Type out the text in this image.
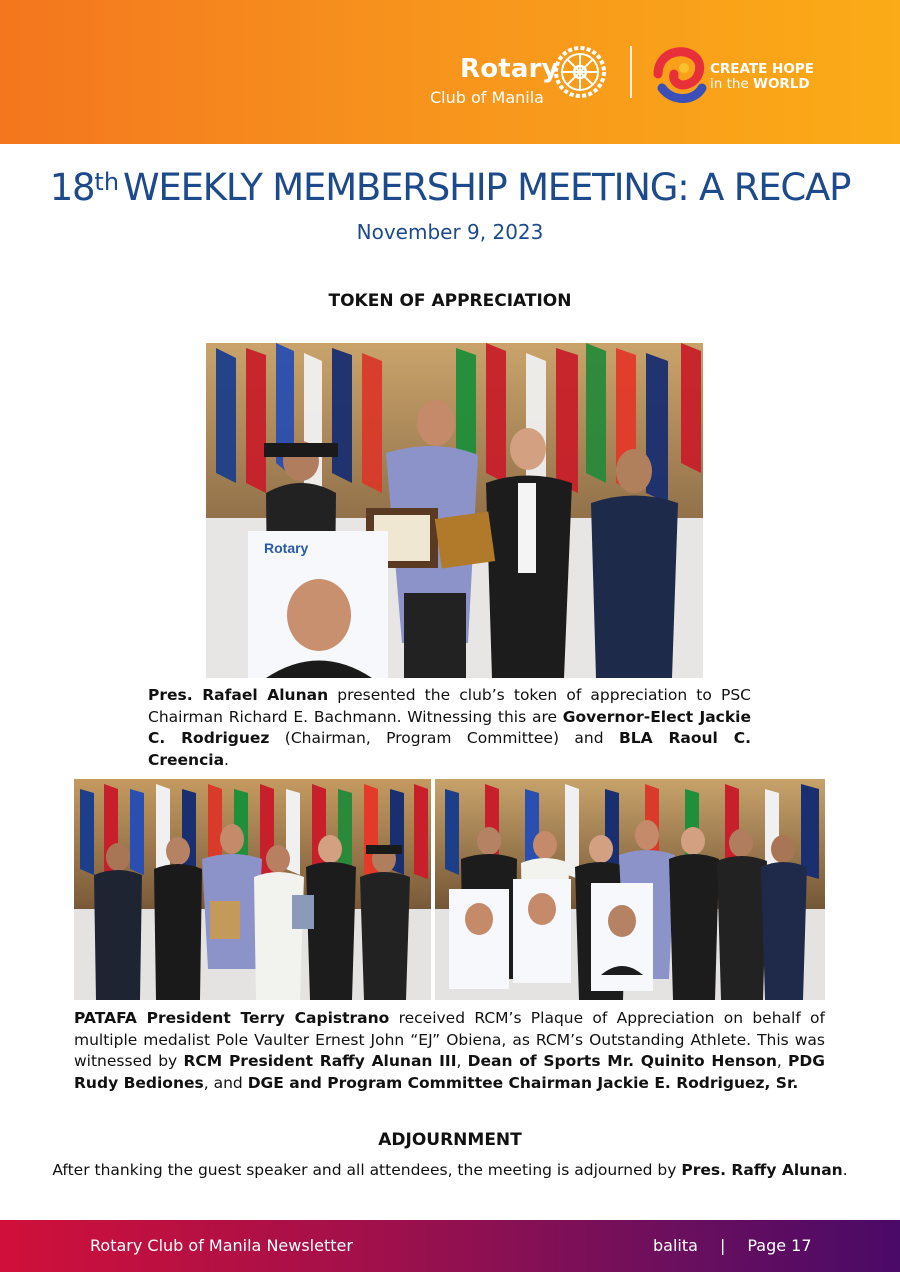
Rotary
Club of Manila
CREATE HOPE
in the WORLD
18th WEEKLY MEMBERSHIP MEETING: A RECAP
November 9, 2023
TOKEN OF APPRECIATION
Rotary
Pres. Rafael Alunan presented the club’s token of appreciation to PSC Chairman Richard E. Bachmann. Witnessing this are Governor-Elect Jackie C. Rodriguez (Chairman, Program Committee) and BLA Raoul C. Creencia.
PATAFA President Terry Capistrano received RCM’s Plaque of Appreciation on behalf of multiple medalist Pole Vaulter Ernest John “EJ” Obiena, as RCM’s Outstanding Athlete. This was witnessed by RCM President Raffy Alunan III, Dean of Sports Mr. Quinito Henson, PDG Rudy Bediones, and DGE and Program Committee Chairman Jackie E. Rodriguez, Sr.
ADJOURNMENT
After thanking the guest speaker and all attendees, the meeting is adjourned by Pres. Raffy Alunan.
Rotary Club of Manila Newsletter	balita | Page 17
